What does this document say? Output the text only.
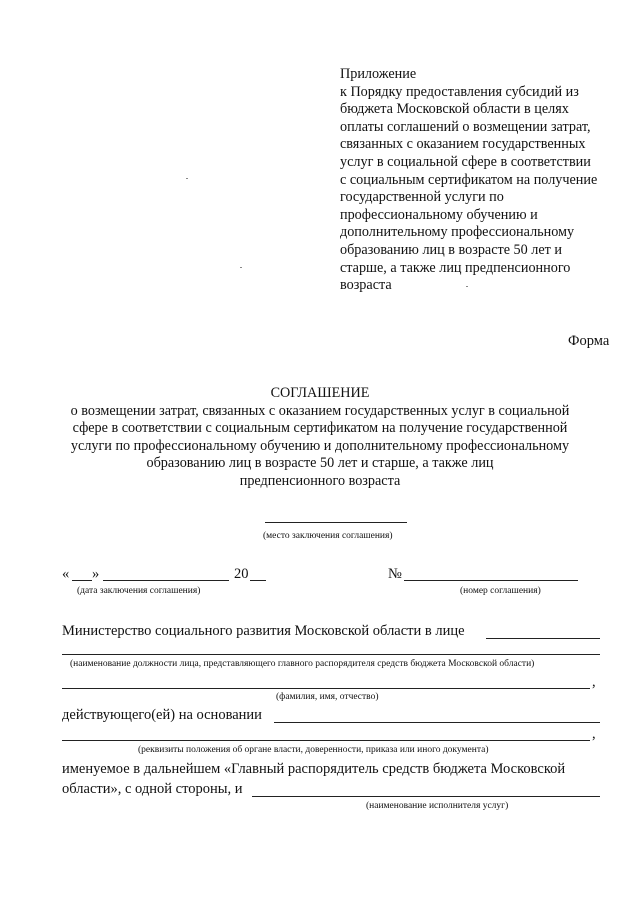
Приложение
к Порядку предоставления субсидий из
бюджета Московской области в целях
оплаты соглашений о возмещении затрат,
связанных с оказанием государственных
услуг в социальной сфере в соответствии
с социальным сертификатом на получение
государственной услуги по
профессиональному обучению и
дополнительному профессиональному
образованию лиц в возрасте 50 лет и
старше, а также лиц предпенсионного
возраста
Форма
СОГЛАШЕНИЕ
о возмещении затрат, связанных с оказанием государственных услуг в социальной
сфере в соответствии с социальным сертификатом на получение государственной
услуги по профессиональному обучению и дополнительному профессиональному
образованию лиц в возрасте 50 лет и старше, а также лиц
предпенсионного возраста
(место заключения соглашения)
« »	20
(дата заключения соглашения)
№
(номер соглашения)
Министерство социального развития Московской области в лице
(наименование должности лица, представляющего главного распорядителя средств бюджета Московской области)
,
(фамилия, имя, отчество)
действующего(ей) на основании
,
(реквизиты положения об органе власти, доверенности, приказа или иного документа)
именуемое в дальнейшем «Главный распорядитель средств бюджета Московской
области», с одной стороны, и
(наименование исполнителя услуг)
